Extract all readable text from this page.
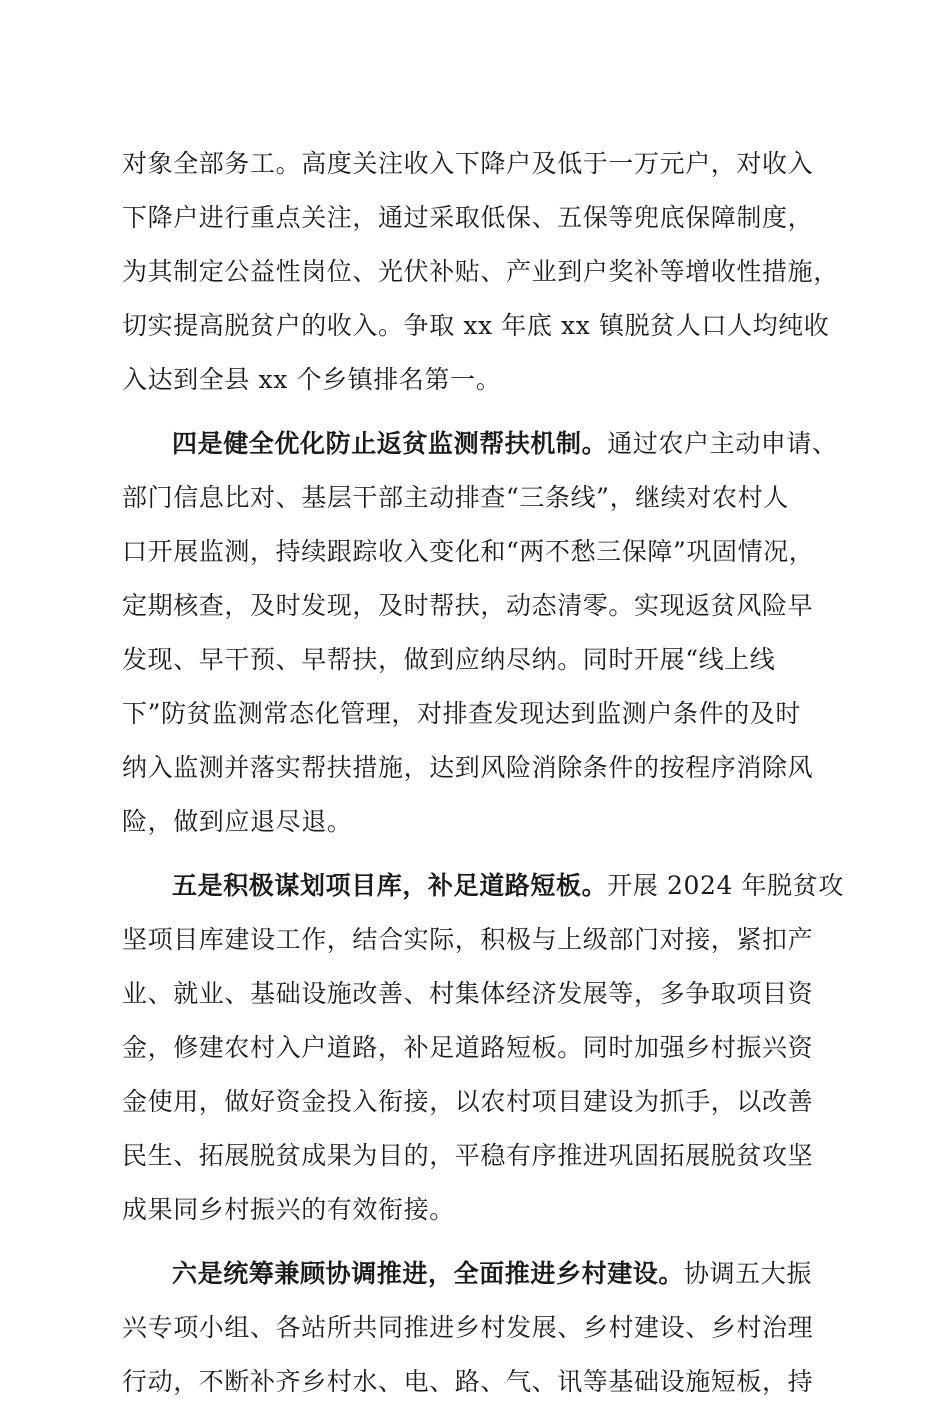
对象全部务工。高度关注收入下降户及低于一万元户，对收入
下降户进行重点关注，通过采取低保、五保等兜底保障制度，
为其制定公益性岗位、光伏补贴、产业到户奖补等增收性措施，
切实提高脱贫户的收入。争取 xx 年底 xx 镇脱贫人口人均纯收
入达到全县 xx 个乡镇排名第一。
四是健全优化防止返贫监测帮扶机制。通过农户主动申请、
部门信息比对、基层干部主动排查“三条线”，继续对农村人
口开展监测，持续跟踪收入变化和“两不愁三保障”巩固情况，
定期核查，及时发现，及时帮扶，动态清零。实现返贫风险早
发现、早干预、早帮扶，做到应纳尽纳。同时开展“线上线
下”防贫监测常态化管理，对排查发现达到监测户条件的及时
纳入监测并落实帮扶措施，达到风险消除条件的按程序消除风
险，做到应退尽退。
五是积极谋划项目库，补足道路短板。开展 2024 年脱贫攻
坚项目库建设工作，结合实际，积极与上级部门对接，紧扣产
业、就业、基础设施改善、村集体经济发展等，多争取项目资
金，修建农村入户道路，补足道路短板。同时加强乡村振兴资
金使用，做好资金投入衔接，以农村项目建设为抓手，以改善
民生、拓展脱贫成果为目的，平稳有序推进巩固拓展脱贫攻坚
成果同乡村振兴的有效衔接。
六是统筹兼顾协调推进，全面推进乡村建设。协调五大振
兴专项小组、各站所共同推进乡村发展、乡村建设、乡村治理
行动，不断补齐乡村水、电、路、气、讯等基础设施短板，持
